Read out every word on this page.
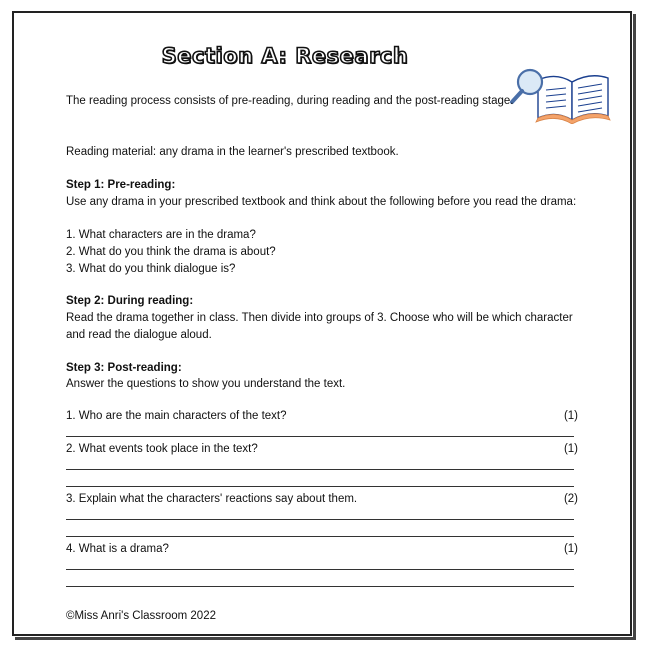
Section A: Research

The reading process consists of pre-reading, during reading and the post-reading stage.

Reading material: any drama in the learner's prescribed textbook.

Step 1: Pre-reading:

Use any drama in your prescribed textbook and think about the following before you read the drama:

1. What characters are in the drama?

2. What do you think the drama is about?

3. What do you think dialogue is?

Step 2: During reading:

Read the drama together in class. Then divide into groups of 3. Choose who will be which character and read the dialogue aloud.

Step 3: Post-reading:

Answer the questions to show you understand the text.

1. Who are the main characters of the text?	(1)
2. What events took place in the text?	(1)
3. Explain what the characters' reactions say about them.	(2)
4. What is a drama?	(1)
©Miss Anri's Classroom 2022
